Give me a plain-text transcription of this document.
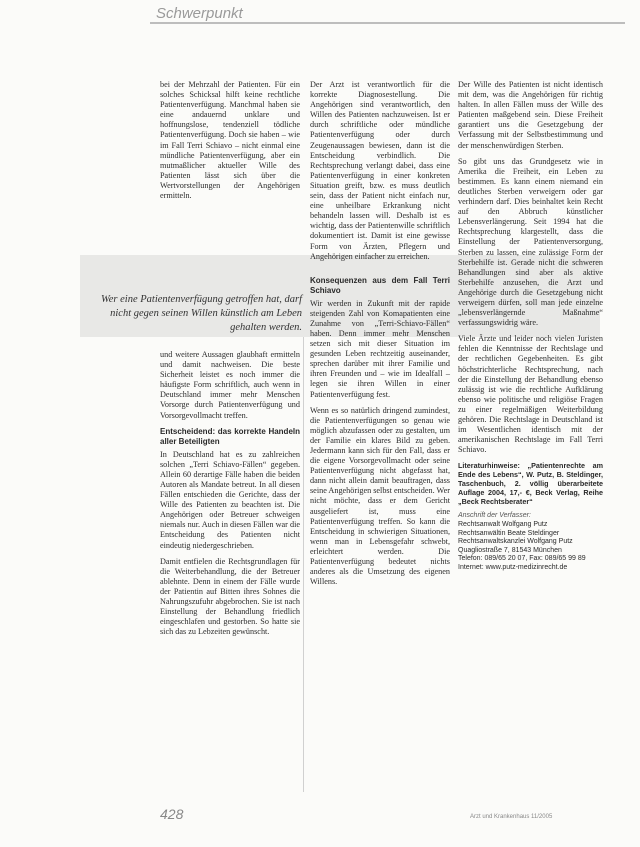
Schwerpunkt

bei der Mehrzahl der Patienten. Für ein solches Schicksal hilft keine rechtliche Patientenverfügung. Manchmal haben sie eine andauernd unklare und hoffnungslose, tendenziell tödliche Patientenverfügung. Doch sie haben – wie im Fall Terri Schiavo – nicht einmal eine mündliche Patientenverfügung, aber ein mutmaßlicher aktueller Wille des Patienten lässt sich über die Wertvorstellungen der Angehörigen ermitteln.

Wer eine Patientenverfügung getroffen hat, darf nicht gegen seinen Willen künstlich am Leben gehalten werden.

und weitere Aussagen glaubhaft ermitteln und damit nachweisen. Die beste Sicherheit leistet es noch immer die häufigste Form schriftlich, auch wenn in Deutschland immer mehr Menschen Vorsorge durch Patientenverfügung und Vorsorgevollmacht treffen.

Entscheidend: das korrekte Handeln aller Beteiligten

In Deutschland hat es zu zahlreichen solchen „Terri Schiavo-Fällen“ gegeben. Allein 60 derartige Fälle haben die beiden Autoren als Mandate betreut. In all diesen Fällen entschieden die Gerichte, dass der Wille des Patienten zu beachten ist. Die Angehörigen oder Betreuer schweigen niemals nur. Auch in diesen Fällen war die Entscheidung des Patienten nicht eindeutig niedergeschrieben.

Damit entfielen die Rechtsgrundlagen für die Weiterbehandlung, die der Betreuer ablehnte. Denn in einem der Fälle wurde der Patientin auf Bitten ihres Sohnes die Nahrungszufuhr abgebrochen. Sie ist nach Einstellung der Behandlung friedlich eingeschlafen und gestorben. So hatte sie sich das zu Lebzeiten gewünscht.

Der Arzt ist verantwortlich für die korrekte Diagnosestellung. Die Angehörigen sind verantwortlich, den Willen des Patienten nachzuweisen. Ist er durch schriftliche oder mündliche Patientenverfügung oder durch Zeugenaussagen bewiesen, dann ist die Entscheidung verbindlich. Die Rechtsprechung verlangt dabei, dass eine Patientenverfügung in einer konkreten Situation greift, bzw. es muss deutlich sein, dass der Patient nicht einfach nur, eine unheilbare Erkrankung nicht behandeln lassen will. Deshalb ist es wichtig, dass der Patientenwille schriftlich dokumentiert ist. Damit ist eine gewisse Form von Ärzten, Pflegern und Angehörigen einfacher zu erreichen.

Konsequenzen aus dem Fall Terri Schiavo

Wir werden in Zukunft mit der rapide steigenden Zahl von Komapatienten eine Zunahme von „Terri-Schiavo-Fällen“ haben. Denn immer mehr Menschen setzen sich mit dieser Situation im gesunden Leben rechtzeitig auseinander, sprechen darüber mit ihrer Familie und ihren Freunden und – wie im Idealfall – legen sie ihren Willen in einer Patientenverfügung fest.

Wenn es so natürlich dringend zumindest, die Patientenverfügungen so genau wie möglich abzufassen oder zu gestalten, um der Familie ein klares Bild zu geben. Jedermann kann sich für den Fall, dass er die eigene Vorsorgevollmacht oder seine Patientenverfügung nicht abgefasst hat, dann nicht allein damit beauftragen, dass seine Angehörigen selbst entscheiden. Wer nicht möchte, dass er dem Gericht ausgeliefert ist, muss eine Patientenverfügung treffen. So kann die Entscheidung in schwierigen Situationen, wenn man in Lebensgefahr schwebt, erleichtert werden. Die Patientenverfügung bedeutet nichts anderes als die Umsetzung des eigenen Willens.

Der Wille des Patienten ist nicht identisch mit dem, was die Angehörigen für richtig halten. In allen Fällen muss der Wille des Patienten maßgebend sein. Diese Freiheit garantiert uns die Gesetzgebung der Verfassung mit der Selbstbestimmung und der menschenwürdigen Sterben.

So gibt uns das Grundgesetz wie in Amerika die Freiheit, ein Leben zu bestimmen. Es kann einem niemand ein deutliches Sterben verweigern oder gar verhindern darf. Dies beinhaltet kein Recht auf den Abbruch künstlicher Lebensverlängerung. Seit 1994 hat die Rechtsprechung klargestellt, dass die Einstellung der Patientenversorgung, Sterben zu lassen, eine zulässige Form der Sterbehilfe ist. Gerade nicht die schweren Behandlungen sind aber als aktive Sterbehilfe anzusehen, die Arzt und Angehörige durch die Gesetzgebung nicht verweigern dürfen, soll man jede einzelne „lebensverlängernde Maßnahme“ verfassungswidrig wäre.

Viele Ärzte und leider noch vielen Juristen fehlen die Kenntnisse der Rechtslage und der rechtlichen Gegebenheiten. Es gibt höchstrichterliche Rechtsprechung, nach der die Einstellung der Behandlung ebenso zulässig ist wie die rechtliche Aufklärung ebenso wie politische und religiöse Fragen zu einer regelmäßigen Weiterbildung gehören. Die Rechtslage in Deutschland ist im Wesentlichen identisch mit der amerikanischen Rechtslage im Fall Terri Schiavo.

Literaturhinweise: „Patientenrechte am Ende des Lebens“, W. Putz, B. Steldinger, Taschenbuch, 2. völlig überarbeitete Auflage 2004, 17,- €, Beck Verlag, Reihe „Beck Rechtsberater“

Anschrift der Verfasser:
Rechtsanwalt Wolfgang Putz
Rechtsanwältin Beate Steldinger
Rechtsanwaltskanzlei Wolfgang Putz
Quagliostraße 7, 81543 München
Telefon: 089/65 20 07, Fax: 089/65 99 89
Internet: www.putz-medizinrecht.de
428	Arzt und Krankenhaus 11/2005
